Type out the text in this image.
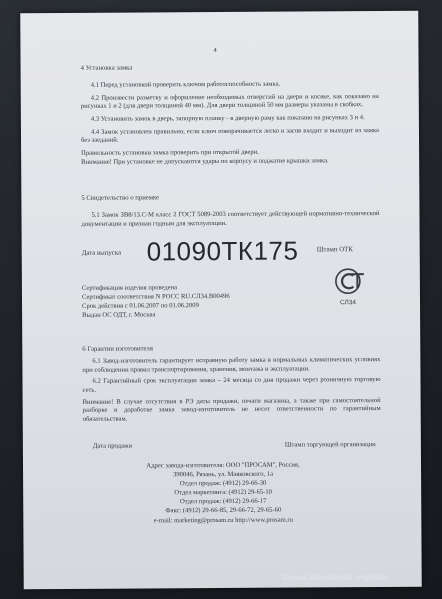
4
4 Установка замка

4.1 Перед установкой проверить ключом работоспособность замка.

4.2 Произвести разметку и оформление необходимых отверстий на двери и косяке, как показано на рисунках 1 и 2 (для двери толщиной 40 мм). Для двери толщиной 50 мм размеры указаны в скобках.

4.3 Установить замок в дверь, запорную планку - в дверную раму как показано на рисунках 3 и 4.

4.4 Замок установлен правильно, если ключ поворачивается легко и засов входит и выходит из замка без заеданий.

Правильность установки замка проверить при открытой двери.

Внимание! При установке не допускаются удары по корпусу и поджатие крышки замка.

5 Свидетельство о приемке

5.1 Замок ЗВ8/13.С-М класс 2 ГОСТ 5089-2003 соответствует действующей нормативно-технической документации и признан годным для эксплуатации.

Дата выпуска 01090ТК175	Штамп ОТК
Сертификация изделия проведена
Сертификат соответствия N РОСС RU.СЛ34.В00496
Срок действия с 01.06.2007 по 01.06.2009
Выдан ОС ОДТ, г. Москва
СЛ34
6 Гарантии изготовителя

6.1 Завод-изготовитель гарантирует исправную работу замка в нормальных климатических условиях при соблюдении правил транспортирования, хранения, монтажа и эксплуатации.

6.2 Гарантийный срок эксплуатации замка – 24 месяца со дня продажи через розничную торговую сеть.

Внимание! В случае отсутствия в РЭ даты продажи, печати магазина, а также при самостоятельной разборке и доработке замка завод-изготовитель не несет ответственности по гарантийным обязательствам.

Дата продажи	Штамп торгующей организации
Адрес завода-изготовителя: ООО "ПРОСАМ", Россия,
390046, Рязань, ул. Маяковского, 1а
Отдел продаж: (4912) 29-66-30
Отдел маркетинга: (4912) 29-65-10
Отдел продаж: (4912) 29-66-17
Факс: (4912) 29-66-85, 29-66-72, 29-65-60
e-mail: marketing@prosam.ru http://www.prosam.ru
©www.Dverizamki.org/Wiki
